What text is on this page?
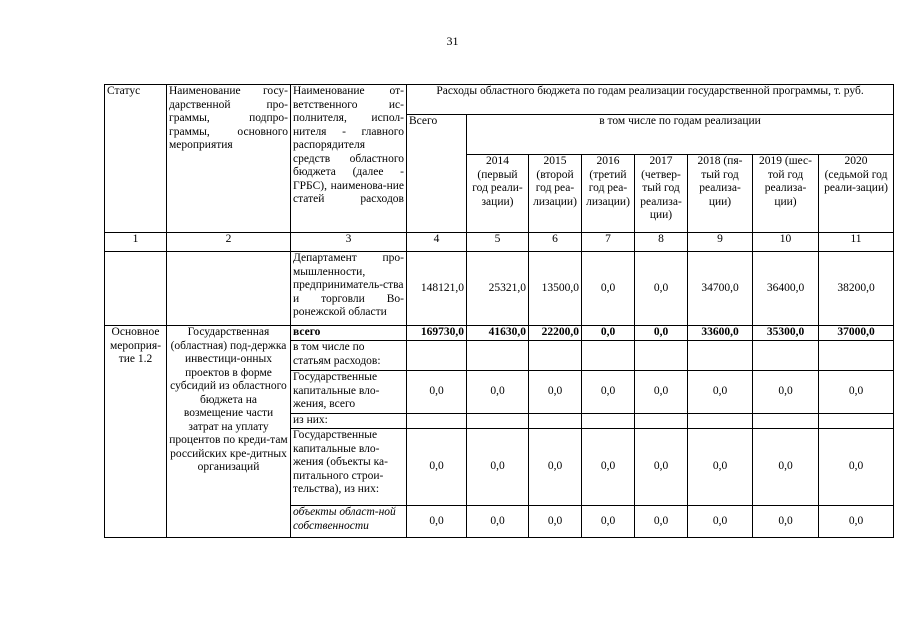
31
Статус	Наименование госу-дарственной про-граммы, подпро-граммы, основного мероприятия	Наименование от-ветственного ис-полнителя, испол-нителя - главного распорядителя средств областного бюджета (далее - ГРБС), наименова-ние статей расходов	Расходы областного бюджета по годам реализации государственной программы, т. руб.							
			Всего	в том числе по годам реализации						
				2014 (первый год реали-зации)	2015 (второй год реа-лизации)	2016 (третий год реа-лизации)	2017 (четвер-тый год реализа-ции)	2018 (пя-тый год реализа-ции)	2019 (шес-той год реализа-ции)	2020 (седьмой год реали-зации)
1	2	3	4	5	6	7	8	9	10	11
		Департамент про-мышленности, предприниматель-ства и торговли Во-ронежской области	148121,0	25321,0	13500,0	0,0	0,0	34700,0	36400,0	38200,0
Основное мероприя-тие 1.2	Государственная (областная) под-держка инвестици-онных проектов в форме субсидий из областного бюджета на возмещение части затрат на уплату процентов по креди-там российских кре-дитных организаций	всего	169730,0	41630,0	22200,0	0,0	0,0	33600,0	35300,0	37000,0
		в том числе по статьям расходов:								
		Государственные капитальные вло-жения, всего	0,0	0,0	0,0	0,0	0,0	0,0	0,0	0,0
		из них:								
		Государственные капитальные вло-жения (объекты ка-питального строи-тельства), из них:	0,0	0,0	0,0	0,0	0,0	0,0	0,0	0,0
		объекты област-ной собственности	0,0	0,0	0,0	0,0	0,0	0,0	0,0	0,0
